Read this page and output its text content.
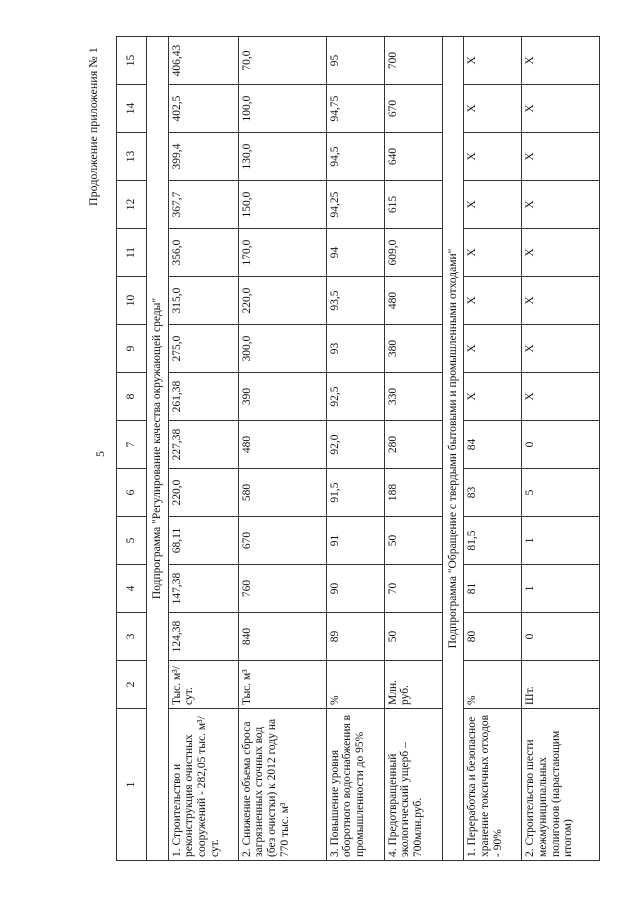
5
Продолжение приложения № 1
1	2	3	4	5	6	7	8	9	10	11	12	13	14	15
Подпрограмма "Регулирование качества окружающей среды"														
1. Строительство и реконструкция очистных сооружений - 282,05 тыс. м³/сут.	Тыс. м³/сут.	124,38	147,38	68,11	220,0	227,38	261,38	275,0	315,0	356,0	367,7	399,4	402,5	406,43
2. Снижение объема сброса загрязненных сточных вод (без очистки) к 2012 году на 770 тыс. м³	Тыс. м³	840	760	670	580	480	390	300,0	220,0	170,0	150,0	130,0	100,0	70,0
3. Повышение уровня оборотного водоснабжения в промышленности до 95%	%	89	90	91	91,5	92,0	92,5	93	93,5	94	94,25	94,5	94,75	95
4. Предотвращенный экологический ущерб – 700млн.руб.	Млн. руб.	50	70	50	188	280	330	380	480	609,0	615	640	670	700
Подпрограмма "Обращение с твердыми бытовыми и промышленными отходами"														
1. Переработка и безопасное хранение токсичных отходов - 90%	%	80	81	81,5	83	84	X	X	X	X	X	X	X	X
2. Строительство шести межмуниципальных полигонов (нарастающим итогом)	Шт.	0	1	1	5	0	X	X	X	X	X	X	X	X
